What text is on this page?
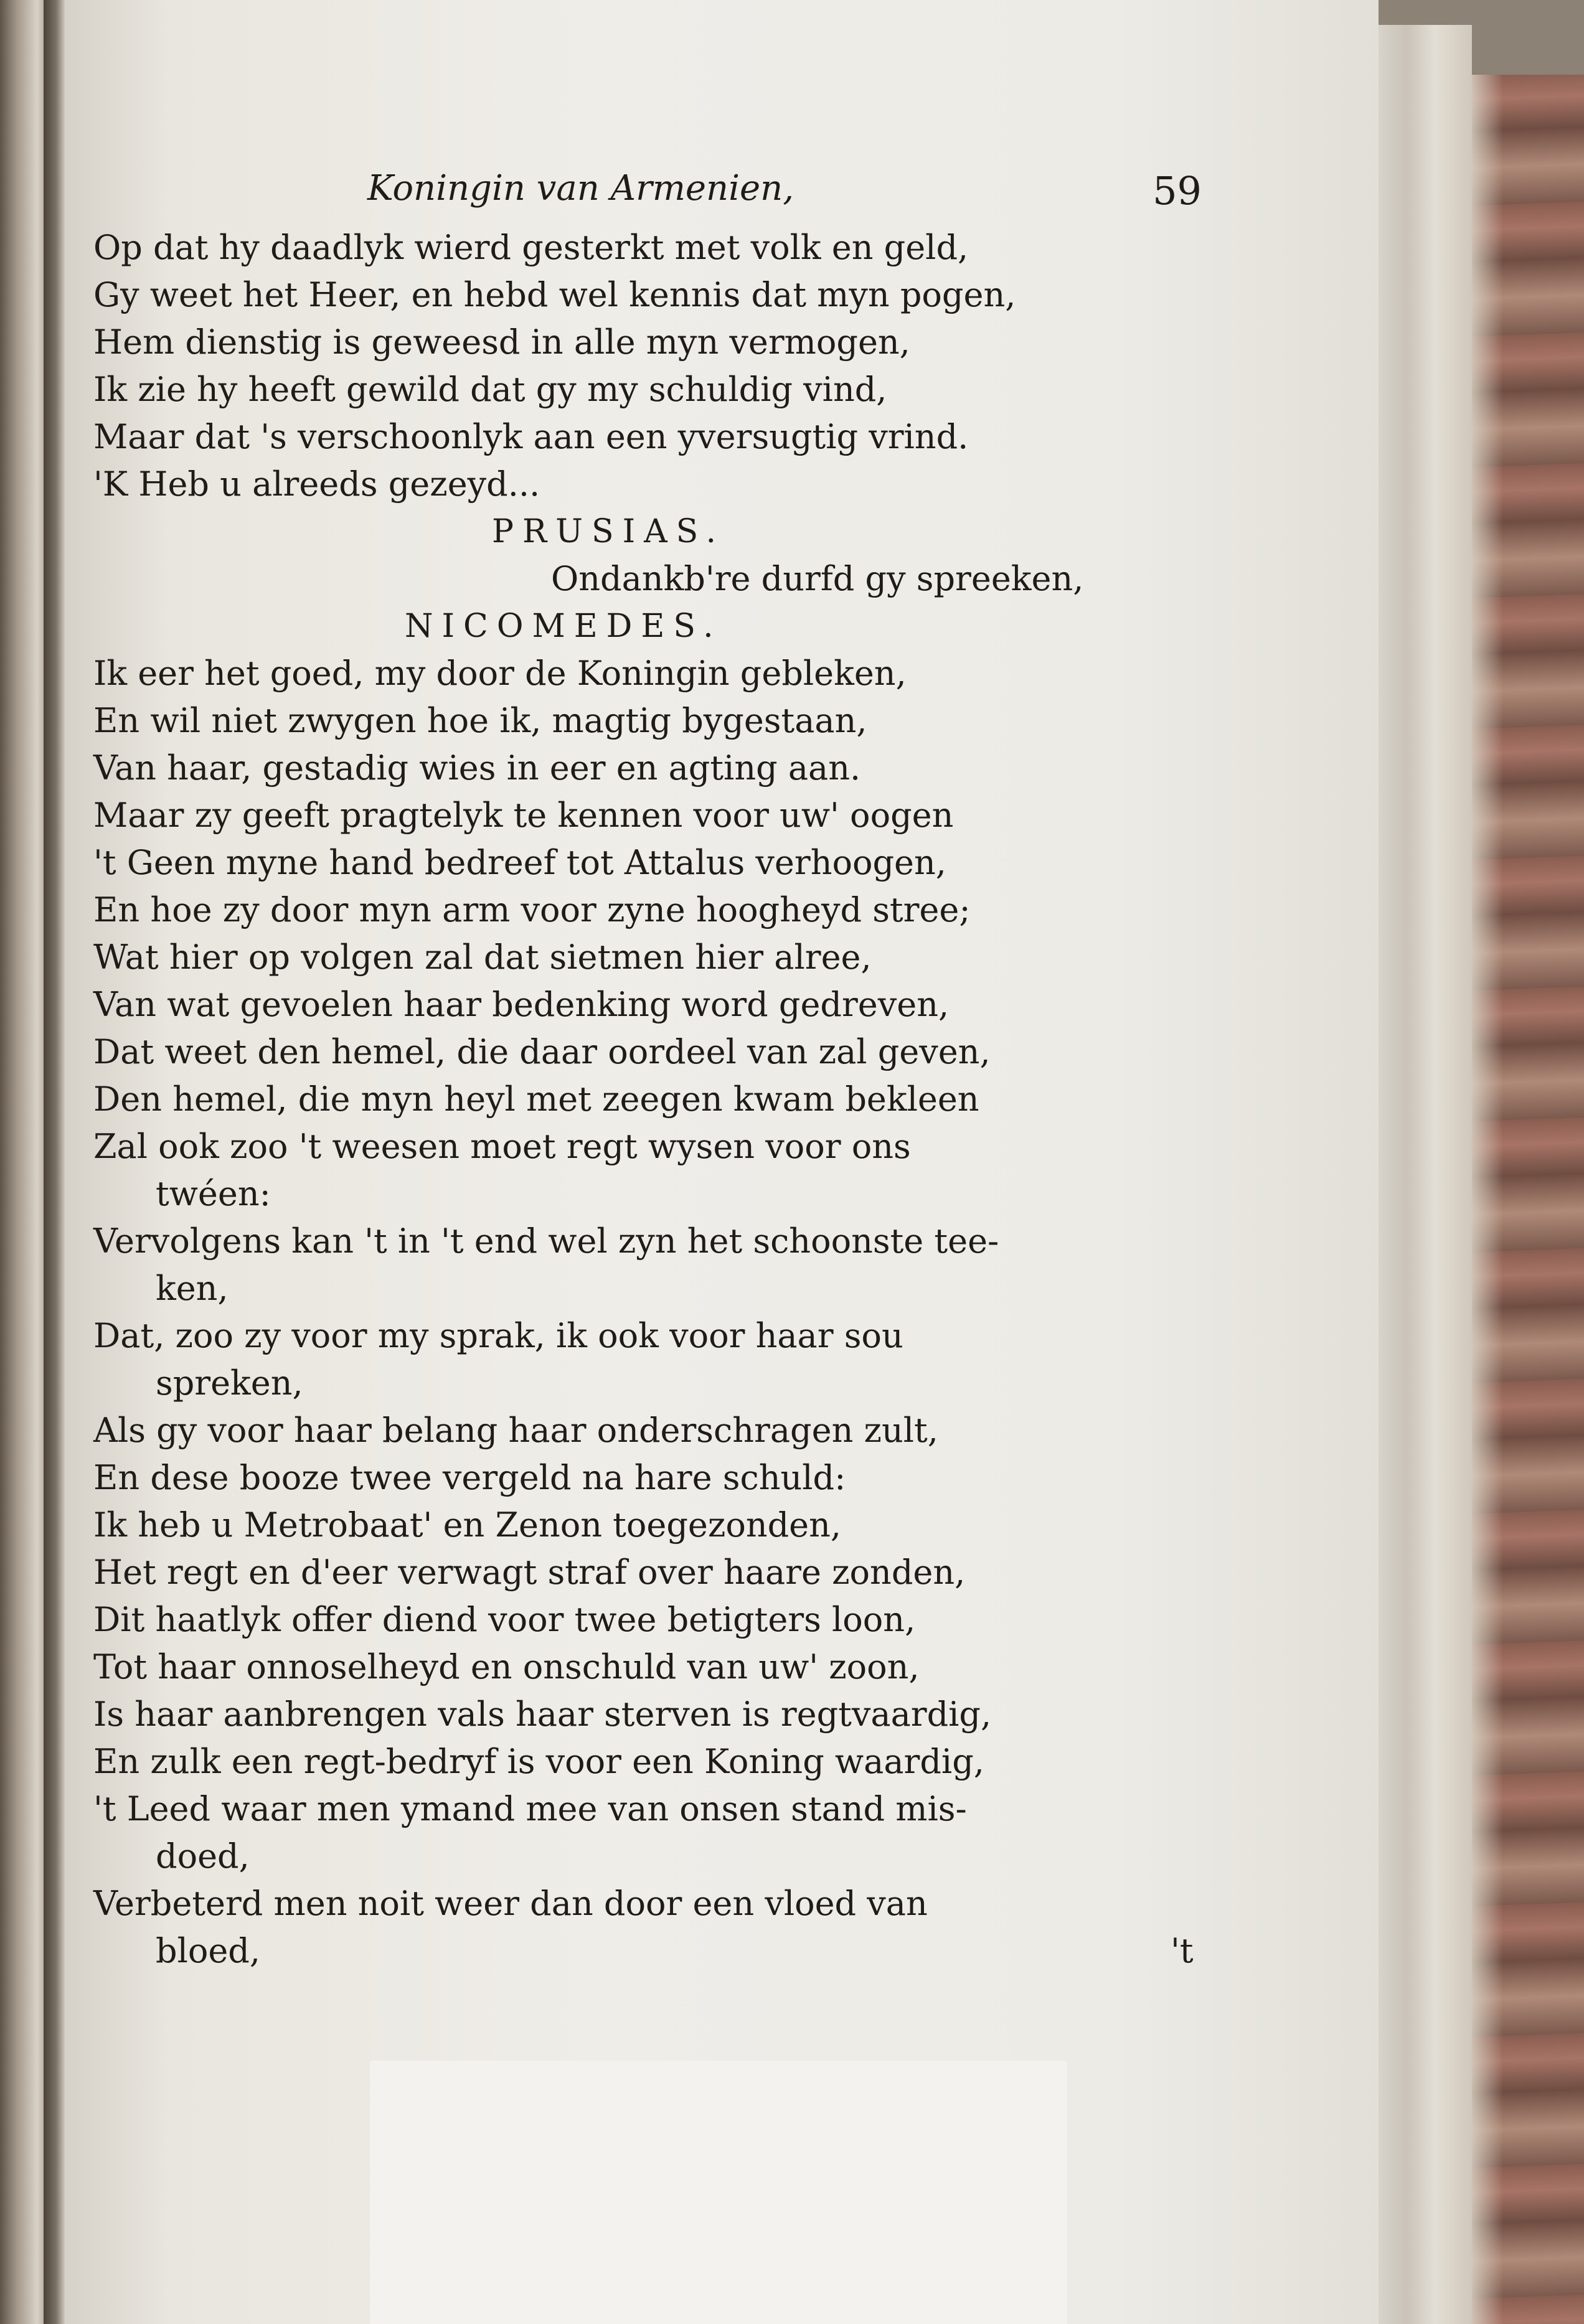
Koningin van Armenien,	59
Op dat hy daadlyk wierd gesterkt met volk en geld,
Gy weet het Heer, en hebd wel kennis dat myn pogen,
Hem dienstig is geweesd in alle myn vermogen,
Ik zie hy heeft gewild dat gy my schuldig vind,
Maar dat 's verschoonlyk aan een yversugtig vrind.
'K Heb u alreeds gezeyd...
PRUSIAS.
Ondankb're durfd gy spreeken,
NICOMEDES.
Ik eer het goed, my door de Koningin gebleken,
En wil niet zwygen hoe ik, magtig bygestaan,
Van haar, gestadig wies in eer en agting aan.
Maar zy geeft pragtelyk te kennen voor uw' oogen
't Geen myne hand bedreef tot Attalus verhoogen,
En hoe zy door myn arm voor zyne hoogheyd stree;
Wat hier op volgen zal dat sietmen hier alree,
Van wat gevoelen haar bedenking word gedreven,
Dat weet den hemel, die daar oordeel van zal geven,
Den hemel, die myn heyl met zeegen kwam bekleen
Zal ook zoo 't weesen moet regt wysen voor ons
twéen:
Vervolgens kan 't in 't end wel zyn het schoonste tee-
ken,
Dat, zoo zy voor my sprak, ik ook voor haar sou
spreken,
Als gy voor haar belang haar onderschragen zult,
En dese booze twee vergeld na hare schuld:
Ik heb u Metrobaat' en Zenon toegezonden,
Het regt en d'eer verwagt straf over haare zonden,
Dit haatlyk offer diend voor twee betigters loon,
Tot haar onnoselheyd en onschuld van uw' zoon,
Is haar aanbrengen vals haar sterven is regtvaardig,
En zulk een regt-bedryf is voor een Koning waardig,
't Leed waar men ymand mee van onsen stand mis-
doed,
Verbeterd men noit weer dan door een vloed van
bloed,	't
